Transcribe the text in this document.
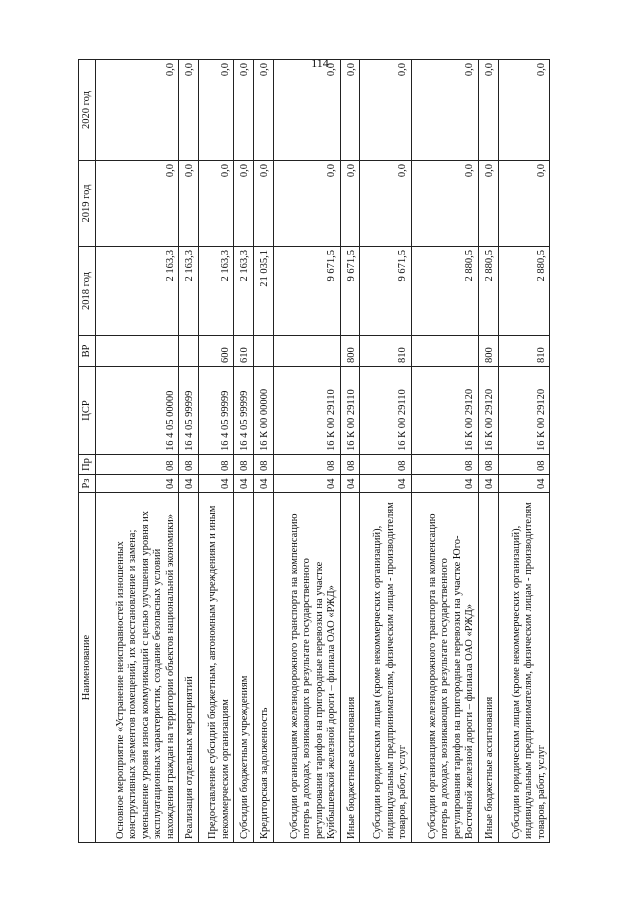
114
Наименование	Рз	Пр	ЦСР	ВР	2018 год	2019 год	2020 год
Основное мероприятие «Устранение неисправностей изношенных конструктивных элементов помещений, их восстановление и замена; уменьшение уровня износа коммуникаций с целью улучшения уровня их эксплуатационных характеристик, создание безопасных условий нахождения граждан на территории объектов национальной экономики»	04	08	16 4 05 00000		2 163,3	0,0	0,0
Реализация отдельных мероприятий	04	08	16 4 05 99999		2 163,3	0,0	0,0
Предоставление субсидий бюджетным, автономным учреждениям и иным некоммерческим организациям	04	08	16 4 05 99999	600	2 163,3	0,0	0,0
Субсидии бюджетным учреждениям	04	08	16 4 05 99999	610	2 163,3	0,0	0,0
Кредиторская задолженность	04	08	16 К 00 00000		21 035,1	0,0	0,0
Субсидии организациям железнодорожного транспорта на компенсацию потерь в доходах, возникающих в результате государственного регулирования тарифов на пригородные перевозки на участке Куйбышевской железной дороги – филиала ОАО «РЖД»	04	08	16 К 00 29110		9 671,5	0,0	0,0
Иные бюджетные ассигнования	04	08	16 К 00 29110	800	9 671,5	0,0	0,0
Субсидии юридическим лицам (кроме некоммерческих организаций), индивидуальным предпринимателям, физическим лицам - производителям товаров, работ, услуг	04	08	16 К 00 29110	810	9 671,5	0,0	0,0
Субсидии организациям железнодорожного транспорта на компенсацию потерь в доходах, возникающих в результате государственного регулирования тарифов на пригородные перевозки на участке Юго-Восточной железной дороги – филиала ОАО «РЖД»	04	08	16 К 00 29120		2 880,5	0,0	0,0
Иные бюджетные ассигнования	04	08	16 К 00 29120	800	2 880,5	0,0	0,0
Субсидии юридическим лицам (кроме некоммерческих организаций), индивидуальным предпринимателям, физическим лицам - производителям товаров, работ, услуг	04	08	16 К 00 29120	810	2 880,5	0,0	0,0
